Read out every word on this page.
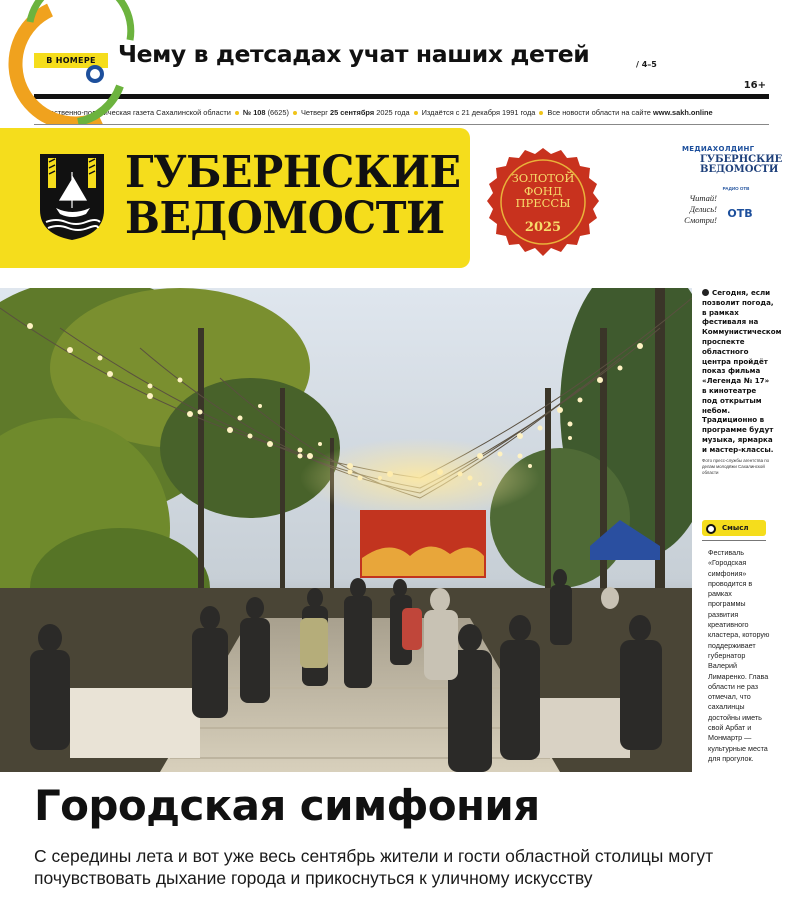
В НОМЕРЕ Чему в детсадах учат наших детей	/ 4–5
16+
Общественно-политическая газета Сахалинской области № 108 (6625) Четверг 25 сентября 2025 года Издаётся с 21 декабря 1991 года Все новости области на сайте www.sakh.online
ГУБЕРНСКИЕ
ВЕДОМОСТИ
ЗОЛОТОЙ
ФОНД
ПРЕССЫ
2025
МЕДИАХОЛДИНГ
ГУБЕРНСКИЕ
ВЕДОМОСТИ
Читай!
Делись!
Смотри!
РАДИО ОТВ
ОТВ
Сегодня, если позволит погода, в рамках фестиваля на Коммунистическом проспекте областного центра пройдёт показ фильма «Легенда № 17» в кинотеатре под открытым небом. Традиционно в программе будут музыка, ярмарка и мастер-классы.
Фото пресс-службы агентства по делам молодёжи Сахалинской области
Смысл
Фестиваль «Городская симфония» проводится в рамках программы развития креативного кластера, которую поддерживает губернатор Валерий Лимаренко. Глава области не раз отмечал, что сахалинцы достойны иметь свой Арбат и Монмартр — культурные места для прогулок.
Городская симфония
С середины лета и вот уже весь сентябрь жители и гости областной столицы могут почувствовать дыхание города и прикоснуться к уличному искусству
